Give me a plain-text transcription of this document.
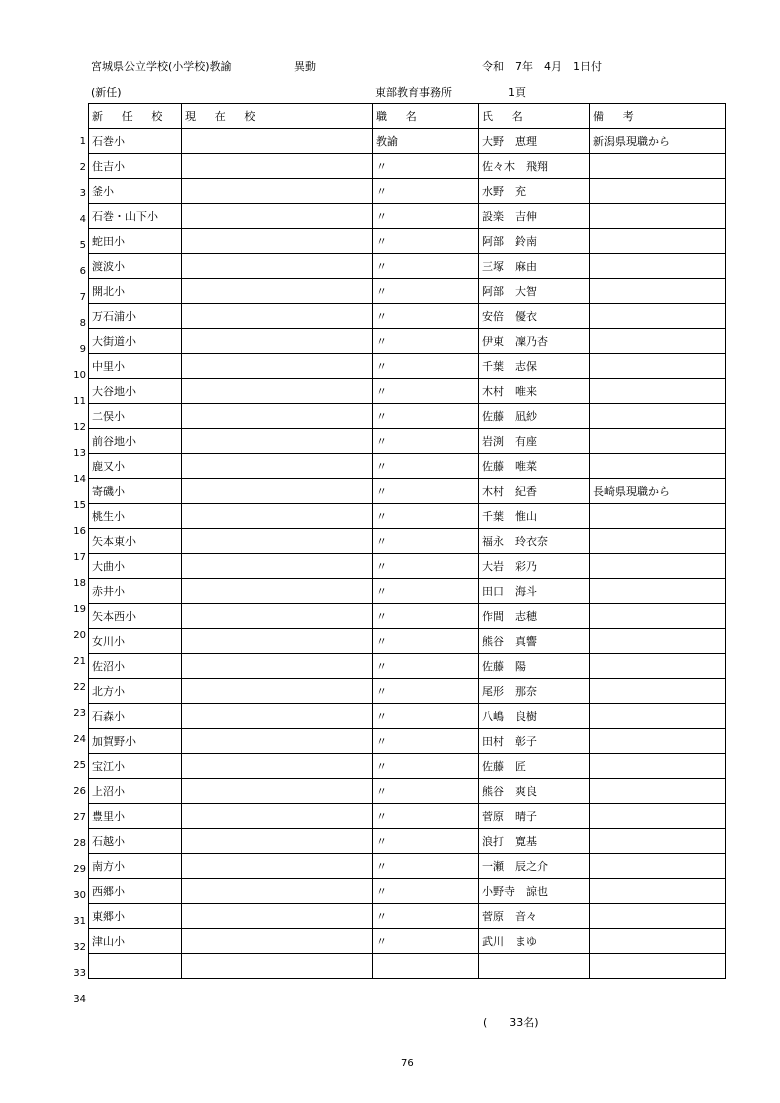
宮城県公立学校(小学校)教諭	異動	令和　7年　4月　1日付
(新任)	東部教育事務所	1頁
新　任　校	現　在　校	職　名	氏　名	備　考
石巻小		教諭	大野　恵理	新潟県現職から
住吉小		〃	佐々木　飛翔	
釜小		〃	水野　充	
石巻・山下小		〃	設楽　吉伸	
蛇田小		〃	阿部　鈴南	
渡波小		〃	三塚　麻由	
開北小		〃	阿部　大智	
万石浦小		〃	安倍　優衣	
大街道小		〃	伊東　凜乃杏	
中里小		〃	千葉　志保	
大谷地小		〃	木村　唯来	
二俣小		〃	佐藤　凪紗	
前谷地小		〃	岩渕　有座	
鹿又小		〃	佐藤　唯菜	
寄磯小		〃	木村　紀香	長崎県現職から
桃生小		〃	千葉　惟山	
矢本東小		〃	福永　玲衣奈	
大曲小		〃	大岩　彩乃	
赤井小		〃	田口　海斗	
矢本西小		〃	作間　志穂	
女川小		〃	熊谷　真響	
佐沼小		〃	佐藤　陽	
北方小		〃	尾形　那奈	
石森小		〃	八嶋　良樹	
加賀野小		〃	田村　彰子	
宝江小		〃	佐藤　匠	
上沼小		〃	熊谷　爽良	
豊里小		〃	菅原　晴子	
石越小		〃	浪打　寛基	
南方小		〃	一瀬　辰之介	
西郷小		〃	小野寺　諒也	
東郷小		〃	菅原　音々	
津山小		〃	武川　まゆ	

1
2
3
4
5
6
7
8
9
10
11
12
13
14
15
16
17
18
19
20
21
22
23
24
25
26
27
28
29
30
31
32
33
34
(　　33名)
76
